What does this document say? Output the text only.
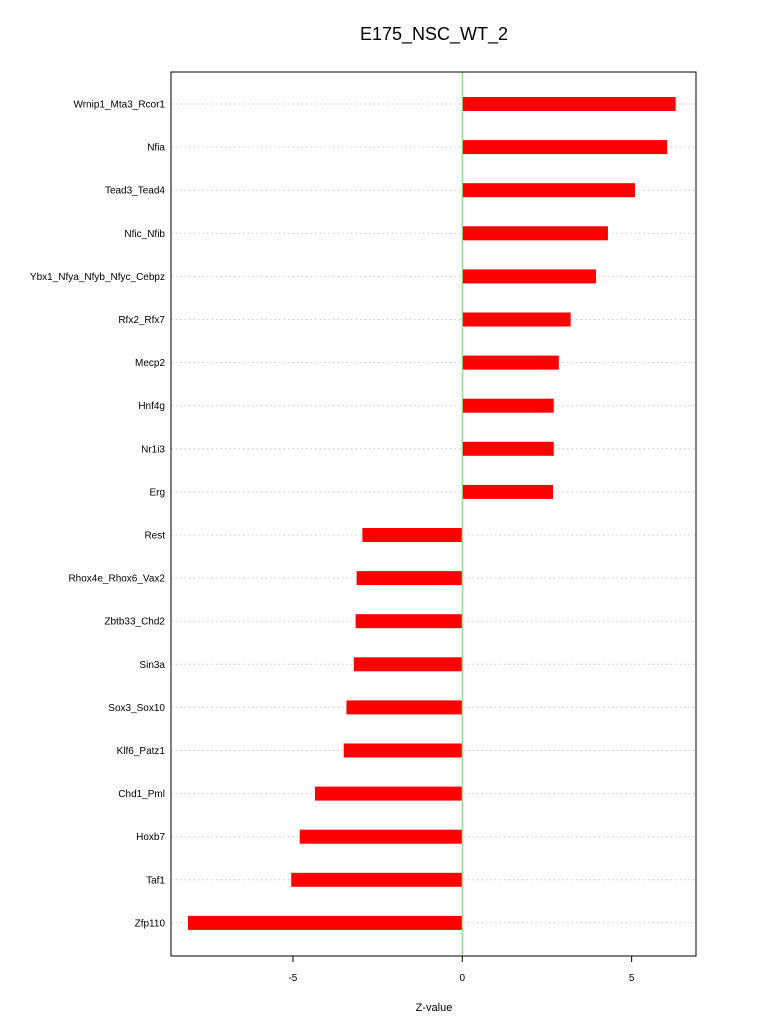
E175_NSC_WT_2
Wrnip1_Mta3_Rcor1
Nfia
Tead3_Tead4
Nfic_Nfib
Ybx1_Nfya_Nfyb_Nfyc_Cebpz
Rfx2_Rfx7
Mecp2
Hnf4g
Nr1i3
Erg
Rest
Rhox4e_Rhox6_Vax2
Zbtb33_Chd2
Sin3a
Sox3_Sox10
Klf6_Patz1
Chd1_Pml
Hoxb7
Taf1
Zfp110
-5	0	5
Z-value
